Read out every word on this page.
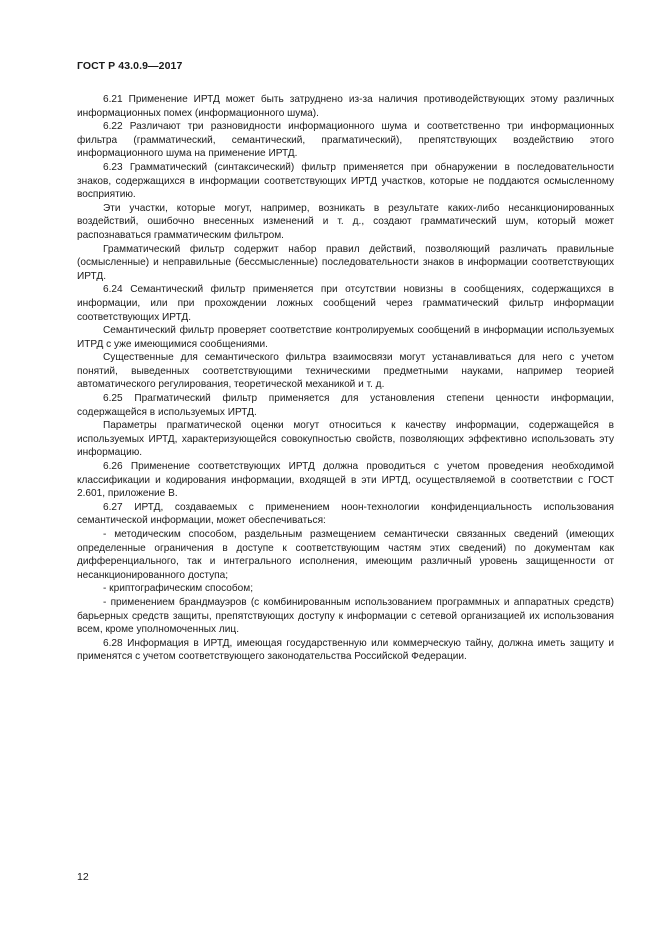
ГОСТ Р 43.0.9—2017

6.21 Применение ИРТД может быть затруднено из-за наличия противодействующих этому различных информационных помех (информационного шума).

6.22 Различают три разновидности информационного шума и соответственно три информационных фильтра (грамматический, семантический, прагматический), препятствующих воздействию этого информационного шума на применение ИРТД.

6.23 Грамматический (синтаксический) фильтр применяется при обнаружении в последовательности знаков, содержащихся в информации соответствующих ИРТД участков, которые не поддаются осмысленному восприятию.

Эти участки, которые могут, например, возникать в результате каких-либо несанкционированных воздействий, ошибочно внесенных изменений и т. д., создают грамматический шум, который может распознаваться грамматическим фильтром.

Грамматический фильтр содержит набор правил действий, позволяющий различать правильные (осмысленные) и неправильные (бессмысленные) последовательности знаков в информации соответствующих ИРТД.

6.24 Семантический фильтр применяется при отсутствии новизны в сообщениях, содержащихся в информации, или при прохождении ложных сообщений через грамматический фильтр информации соответствующих ИРТД.

Семантический фильтр проверяет соответствие контролируемых сообщений в информации используемых ИТРД с уже имеющимися сообщениями.

Существенные для семантического фильтра взаимосвязи могут устанавливаться для него с учетом понятий, выведенных соответствующими техническими предметными науками, например теорией автоматического регулирования, теоретической механикой и т. д.

6.25 Прагматический фильтр применяется для установления степени ценности информации, содержащейся в используемых ИРТД.

Параметры прагматической оценки могут относиться к качеству информации, содержащейся в используемых ИРТД, характеризующейся совокупностью свойств, позволяющих эффективно использовать эту информацию.

6.26 Применение соответствующих ИРТД должна проводиться с учетом проведения необходимой классификации и кодирования информации, входящей в эти ИРТД, осуществляемой в соответствии с ГОСТ 2.601, приложение В.

6.27 ИРТД, создаваемых с применением ноон-технологии конфиденциальность использования семантической информации, может обеспечиваться:

- методическим способом, раздельным размещением семантически связанных сведений (имеющих определенные ограничения в доступе к соответствующим частям этих сведений) по документам как дифференциального, так и интегрального исполнения, имеющим различный уровень защищенности от несанкционированного доступа;

- криптографическим способом;

- применением брандмауэров (с комбинированным использованием программных и аппаратных средств) барьерных средств защиты, препятствующих доступу к информации с сетевой организацией их использования всем, кроме уполномоченных лиц.

6.28 Информация в ИРТД, имеющая государственную или коммерческую тайну, должна иметь защиту и применятся с учетом соответствующего законодательства Российской Федерации.

12
